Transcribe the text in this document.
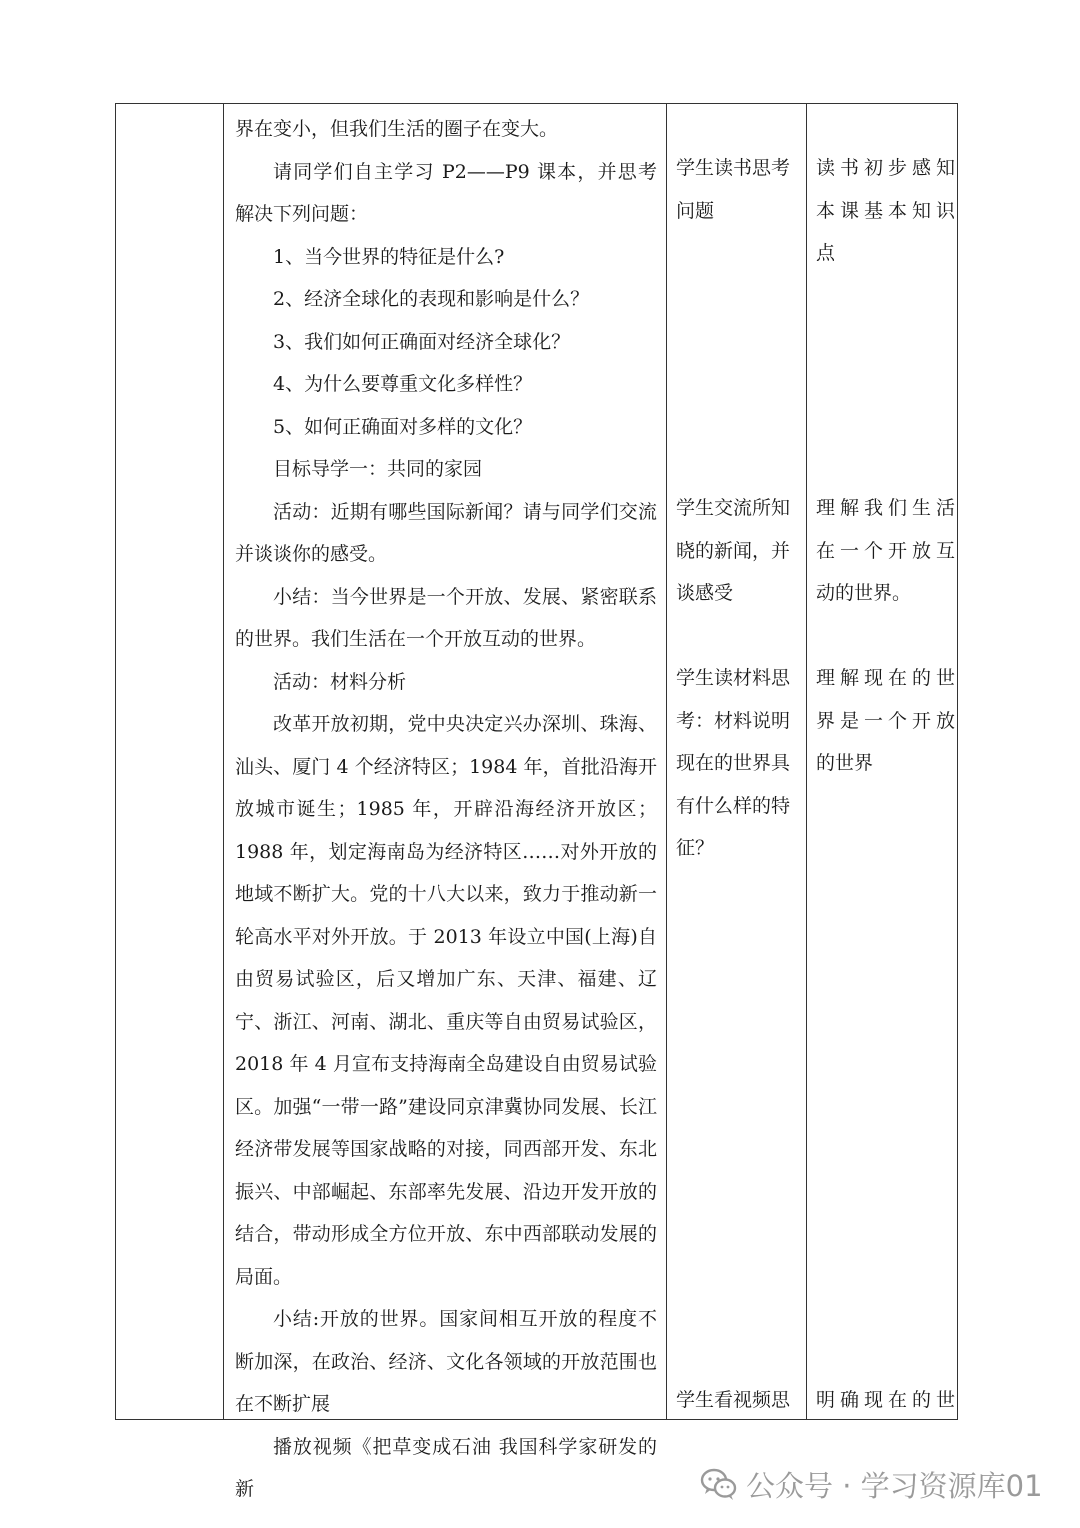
界在变小，但我们生活的圈子在变大。

请同学们自主学习 P2——P9 课本，并思考解决下列问题：

1、当今世界的特征是什么?

2、经济全球化的表现和影响是什么？

3、我们如何正确面对经济全球化？

4、为什么要尊重文化多样性？

5、如何正确面对多样的文化？

目标导学一：共同的家园

活动：近期有哪些国际新闻？请与同学们交流并谈谈你的感受。

小结：当今世界是一个开放、发展、紧密联系的世界。我们生活在一个开放互动的世界。

活动：材料分析

改革开放初期，党中央决定兴办深圳、珠海、汕头、厦门 4 个经济特区；1984 年，首批沿海开放城市诞生；1985 年，开辟沿海经济开放区；1988 年，划定海南岛为经济特区……对外开放的地域不断扩大。党的十八大以来，致力于推动新一轮高水平对外开放。于 2013 年设立中国(上海)自由贸易试验区，后又增加广东、天津、福建、辽宁、浙江、河南、湖北、重庆等自由贸易试验区，2018 年 4 月宣布支持海南全岛建设自由贸易试验区。加强“一带一路”建设同京津冀协同发展、长江经济带发展等国家战略的对接，同西部开发、东北振兴、中部崛起、东部率先发展、沿边开发开放的结合，带动形成全方位开放、东中西部联动发展的局面。

小结:开放的世界。国家间相互开放的程度不断加深，在政治、经济、文化各领域的开放范围也在不断扩展

播放视频《把草变成石油 我国科学家研发的新

学生读书思考
问题
学生交流所知
晓的新闻，并
谈感受
学生读材料思
考：材料说明
现在的世界具
有什么样的特
征？
学生看视频思
读书初步感知
本课基本知识
点
理解我们生活
在一个开放互
动的世界。
理解现在的世
界是一个开放
的世界
明确现在的世
公众号 · 学习资源库01
